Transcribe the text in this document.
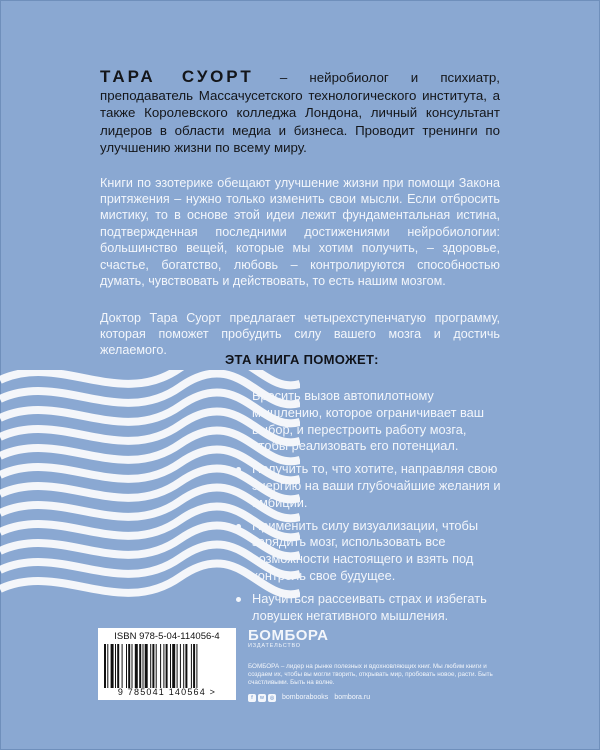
ТАРА СУОРТ – нейробиолог и психиатр, преподаватель Массачусетского технологического института, а также Королевского колледжа Лондона, личный консультант лидеров в области медиа и бизнеса. Проводит тренинги по улучшению жизни по всему миру.

Книги по эзотерике обещают улучшение жизни при помощи Закона притяжения – нужно только изменить свои мысли. Если отбросить мистику, то в основе этой идеи лежит фундаментальная истина, подтвержденная последними достижениями нейробиологии: большинство вещей, которые мы хотим получить, – здоровье, счастье, богатство, любовь – контролируются способностью думать, чувствовать и действовать, то есть нашим мозгом.

Доктор Тара Суорт предлагает четырехступенчатую программу, которая поможет пробудить силу вашего мозга и достичь желаемого.

ЭТА КНИГА ПОМОЖЕТ:
Бросить вызов автопилотному мышлению, которое ограничивает ваш выбор, и перестроить работу мозга, чтобы реализовать его потенциал.
Получить то, что хотите, направляя свою энергию на ваши глубочайшие желания и амбиции.
Применить силу визуализации, чтобы зарядить мозг, использовать все возможности настоящего и взять под контроль свое будущее.
Научиться рассеивать страх и избегать ловушек негативного мышления.
ISBN 978-5-04-114056-4
9 785041 140564 >
БОМБОРА
ИЗДАТЕЛЬСТВО
БОМБОРА – лидер на рынке полезных и вдохновляющих книг. Мы любим книги и создаем их, чтобы вы могли творить, открывать мир, пробовать новое, расти. Быть счастливыми. Быть на волне.
f	w	◎ bomborabooks bombora.ru
